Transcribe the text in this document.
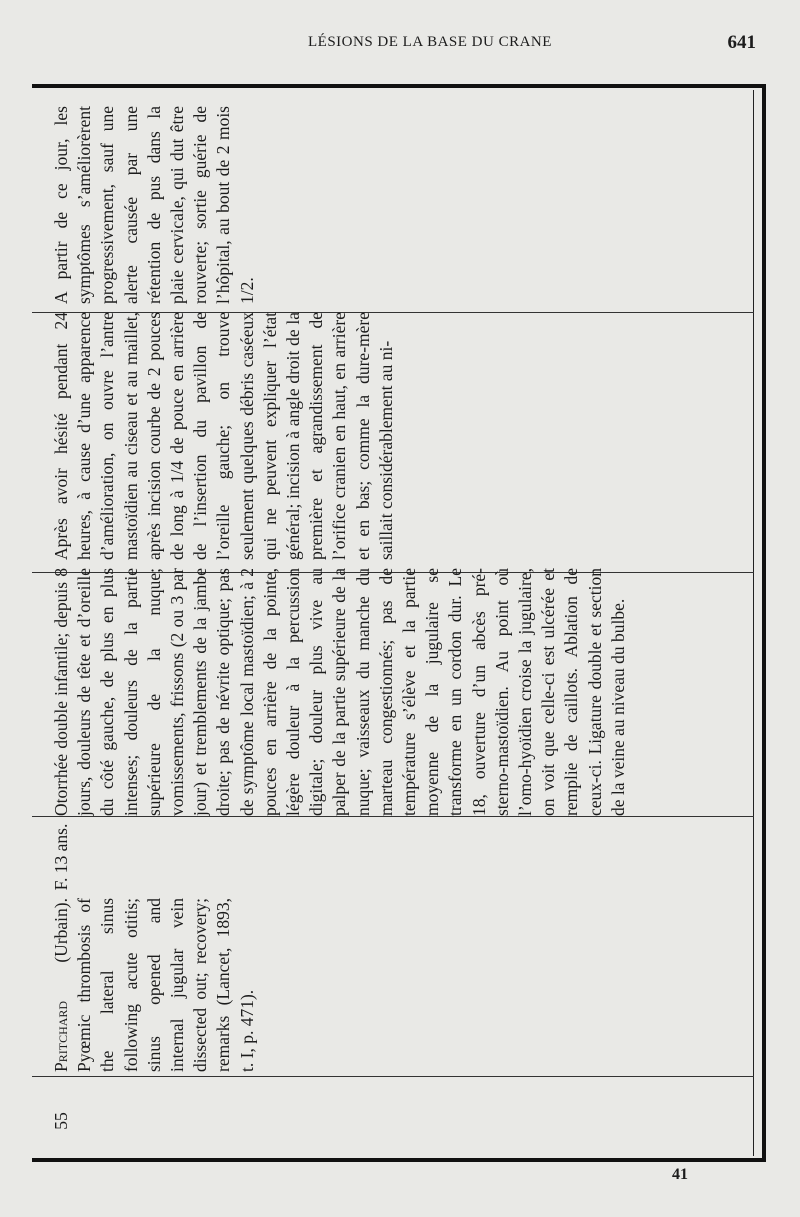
LÉSIONS DE LA BASE DU CRANE	641
55
Pritchard (Urbain). Pyœmic thrombosis of the lateral sinus following acute otitis; sinus opened and internal jugular vein dissected out; recovery; remarks (Lancet, 1893, t. I, p. 471).
F. 13 ans.
Otorrhée double infantile; depuis 8 jours, douleurs de tête et d’oreille du côté gauche, de plus en plus intenses; douleurs de la partie supérieure de la nuque; vomissements, frissons (2 ou 3 par jour) et tremblements de la jambe droite; pas de névrite optique; pas de symptôme local mastoïdien; à 2 pouces en arrière de la pointe, légère douleur à la percussion digitale; douleur plus vive au palper de la partie supérieure de la nuque; vaisseaux du manche du marteau congestionnés; pas de température s’élève et la partie moyenne de la jugulaire se transforme en un cordon dur. Le 18, ouverture d’un abcès pré-sterno-mastoïdien. Au point où l’omo-hyoïdien croise la jugulaire, on voit que celle-ci est ulcérée et remplie de caillots. Ablation de ceux-ci. Ligature double et section de la veine au niveau du bulbe.
Après avoir hésité pendant 24 heures, à cause d’une apparence d’amélioration, on ouvre l’antre mastoïdien au ciseau et au maillet, après incision courbe de 2 pouces de long à 1/4 de pouce en arrière de l’insertion du pavillon de l’oreille gauche; on trouve seulement quelques débris caséeux qui ne peuvent expliquer l’état général; incision à angle droit de la première et agrandissement de l’orifice cranien en haut, en arrière et en bas; comme la dure-mère saillait considérablement au ni-
A partir de ce jour, les symptômes s’améliorèrent progressivement, sauf une alerte causée par une rétention de pus dans la plaie cervicale, qui dut être rouverte; sortie guérie de l’hôpital, au bout de 2 mois 1/2.
41
